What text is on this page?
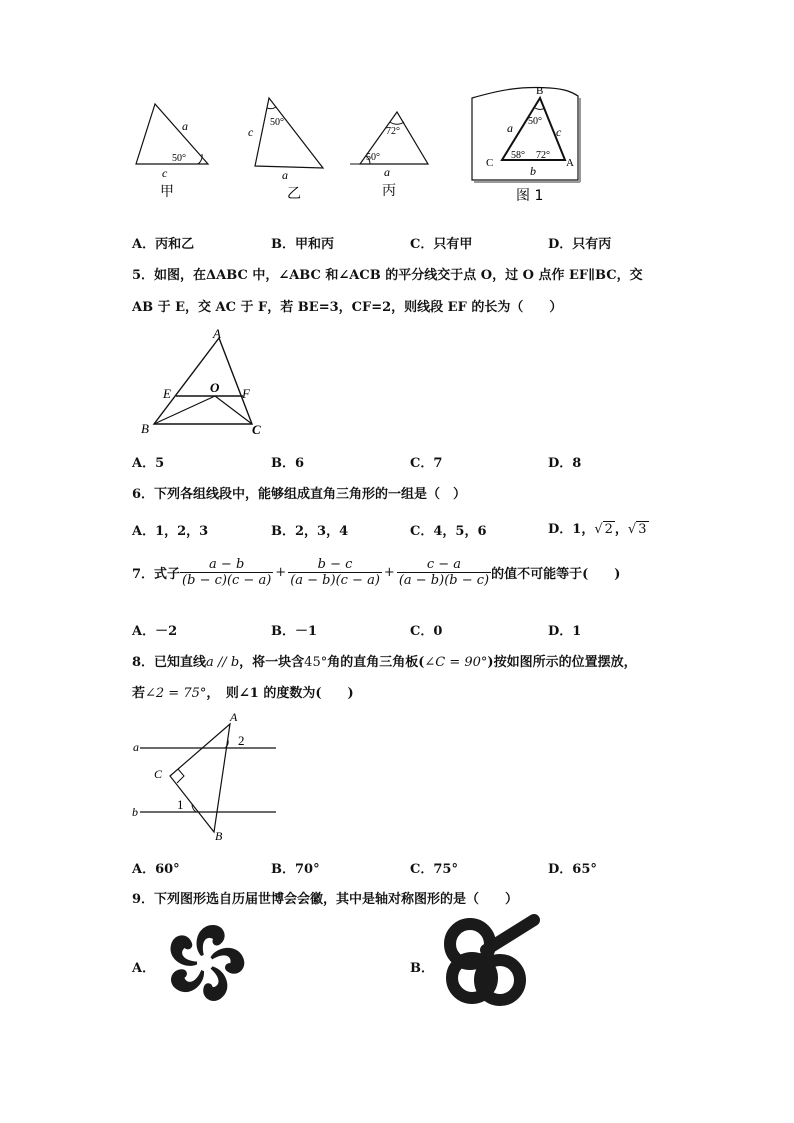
a
50°
c
甲
50°
c
a
乙
72°
50°
a
丙
B
50°
a	c
C
58° 72°
A
b
图 1
A．丙和乙	B．甲和丙	C．只有甲	D．只有丙
5．如图，在ΔABC 中，∠ABC 和∠ACB 的平分线交于点 O，过 O 点作 EF∥BC，交
AB 于 E，交 AC 于 F，若 BE=3，CF=2，则线段 EF 的长为（　　）
A
E	O F
B	C
A．5	B．6	C．7	D．8
6．下列各组线段中，能够组成直角三角形的一组是（　）
A．1，2，3	B．2，3，4	C．4，5，6	D．1，√ 2 ，√ 3
7．式子 $\frac{a - b}{(b - c)(c - a)} + \frac{b - c}{(a - b)(c - a)} + \frac{c - a}{(a - b)(b - c)}$ 的值不可能等于(　　)
A．－2	B．－1	C．0	D．1
8．已知直线a // b，将一块含45°角的直角三角板(∠C = 90°)按如图所示的位置摆放，
若∠2 = 75°，　则∠1 的度数为(　　)
A
a	2
C
b	1
B
A．60°	B．70°	C．75°	D．65°
9．下列图形选自历届世博会会徽，其中是轴对称图形的是（　　）
A．	B．
